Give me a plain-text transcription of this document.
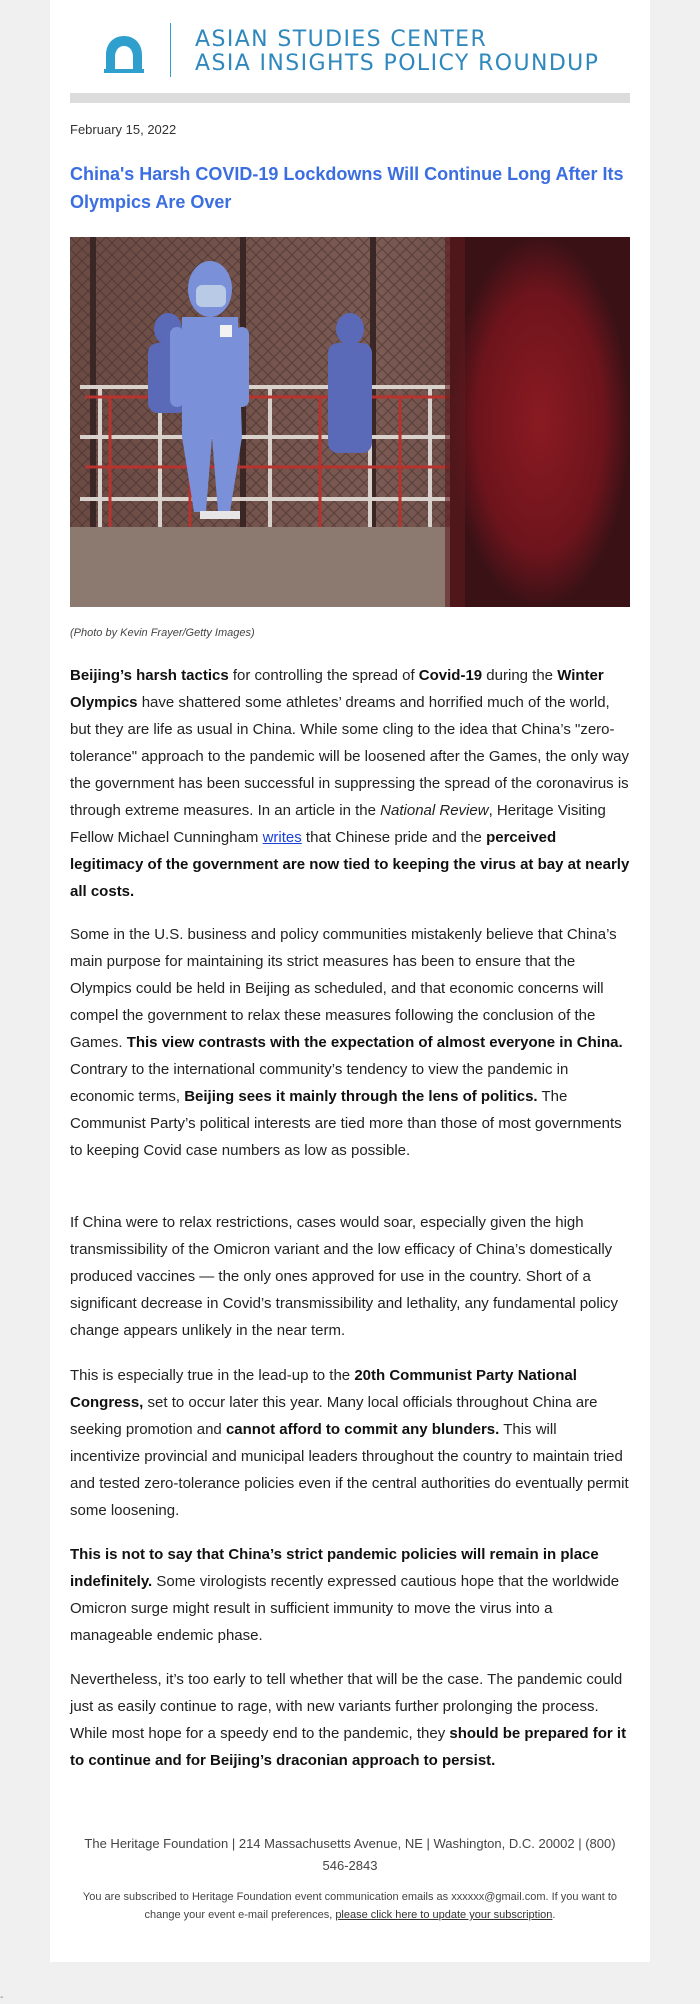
ASIAN STUDIES CENTER
ASIA INSIGHTS POLICY ROUNDUP
February 15, 2022
China's Harsh COVID-19 Lockdowns Will Continue Long After Its Olympics Are Over
(Photo by Kevin Frayer/Getty Images)
Beijing’s harsh tactics for controlling the spread of Covid-19 during the Winter Olympics have shattered some athletes’ dreams and horrified much of the world, but they are life as usual in China. While some cling to the idea that China’s "zero-tolerance" approach to the pandemic will be loosened after the Games, the only way the government has been successful in suppressing the spread of the coronavirus is through extreme measures. In an article in the National Review, Heritage Visiting Fellow Michael Cunningham writes that Chinese pride and the perceived legitimacy of the government are now tied to keeping the virus at bay at nearly all costs.
Some in the U.S. business and policy communities mistakenly believe that China’s main purpose for maintaining its strict measures has been to ensure that the Olympics could be held in Beijing as scheduled, and that economic concerns will compel the government to relax these measures following the conclusion of the Games. This view contrasts with the expectation of almost everyone in China. Contrary to the international community’s tendency to view the pandemic in economic terms, Beijing sees it mainly through the lens of politics. The Communist Party’s political interests are tied more than those of most governments to keeping Covid case numbers as low as possible.
If China were to relax restrictions, cases would soar, especially given the high transmissibility of the Omicron variant and the low efficacy of China’s domestically produced vaccines — the only ones approved for use in the country. Short of a significant decrease in Covid’s transmissibility and lethality, any fundamental policy change appears unlikely in the near term.
This is especially true in the lead-up to the 20th Communist Party National Congress, set to occur later this year. Many local officials throughout China are seeking promotion and cannot afford to commit any blunders. This will incentivize provincial and municipal leaders throughout the country to maintain tried and tested zero-tolerance policies even if the central authorities do eventually permit some loosening.
This is not to say that China’s strict pandemic policies will remain in place indefinitely. Some virologists recently expressed cautious hope that the worldwide Omicron surge might result in sufficient immunity to move the virus into a manageable endemic phase.
Nevertheless, it’s too early to tell whether that will be the case. The pandemic could just as easily continue to rage, with new variants further prolonging the process. While most hope for a speedy end to the pandemic, they should be prepared for it to continue and for Beijing’s draconian approach to persist.
The Heritage Foundation | 214 Massachusetts Avenue, NE | Washington, D.C. 20002 | (800) 546-2843
You are subscribed to Heritage Foundation event communication emails as xxxxxx@gmail.com. If you want to change your event e-mail preferences, please click here to update your subscription.
-
